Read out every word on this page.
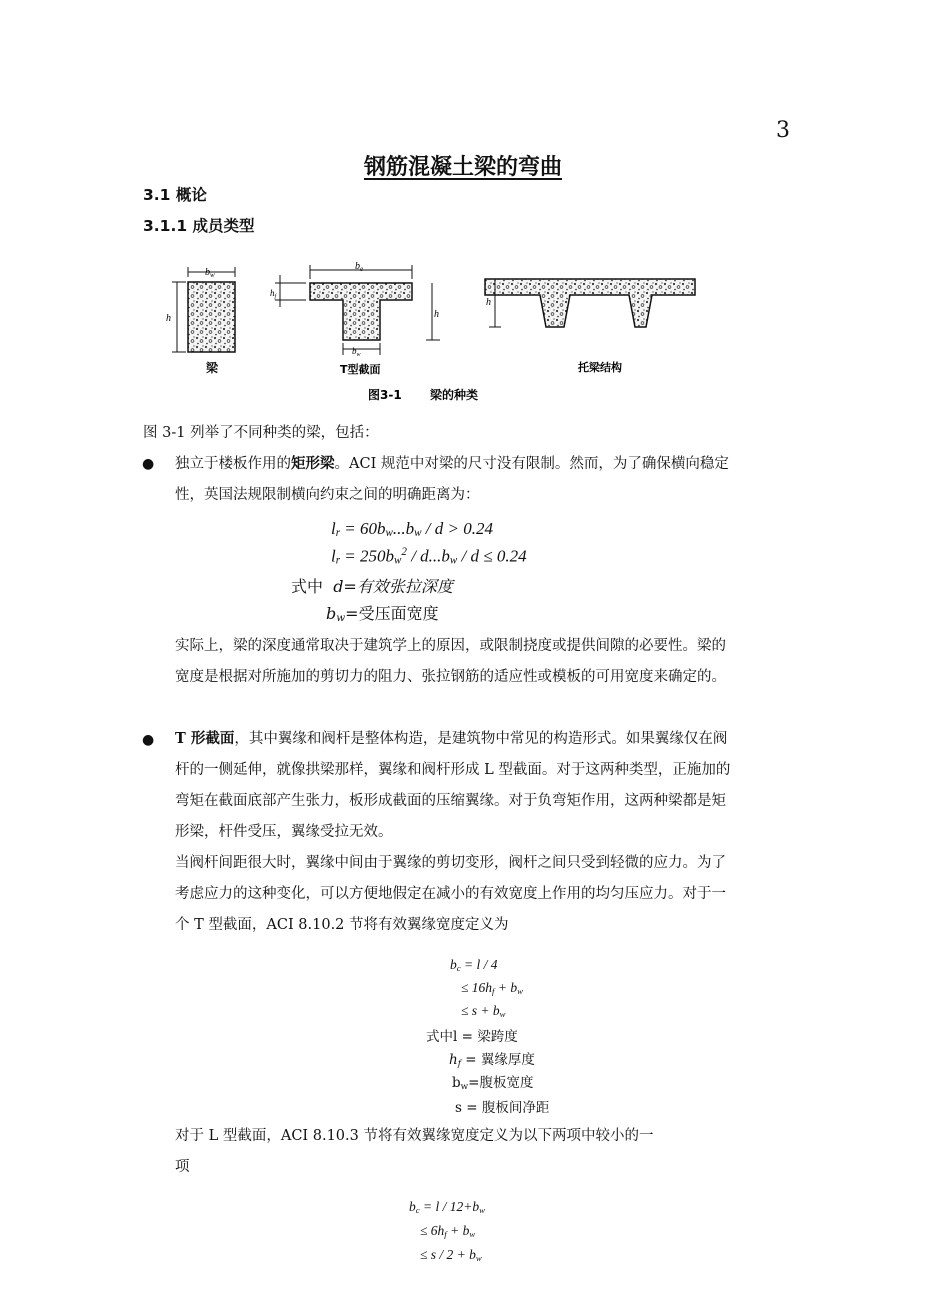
3
钢筋混凝土梁的弯曲
3.1 概论
3.1.1 成员类型
$b_w$
h
梁
$b_e$
$h_f$
h
$b_w$
T型截面
h
托梁结构
图3-1 梁的种类
图 3-1 列举了不同种类的梁，包括：
● 独立于楼板作用的矩形梁。ACI 规范中对梁的尺寸没有限制。然而，为了确保横向稳定
性，英国法规限制横向约束之间的明确距离为：
$l_r = 60b_w...b_w / d > 0.24$
$l_r = 250b_w^2 / d...b_w / d \le 0.24$
式中 d=有效张拉深度
$b_w=$受压面宽度
实际上，梁的深度通常取决于建筑学上的原因，或限制挠度或提供间隙的必要性。梁的
宽度是根据对所施加的剪切力的阻力、张拉钢筋的适应性或模板的可用宽度来确定的。
● T 形截面，其中翼缘和阀杆是整体构造，是建筑物中常见的构造形式。如果翼缘仅在阀
杆的一侧延伸，就像拱梁那样，翼缘和阀杆形成 L 型截面。对于这两种类型，正施加的
弯矩在截面底部产生张力，板形成截面的压缩翼缘。对于负弯矩作用，这两种梁都是矩
形梁，杆件受压，翼缘受拉无效。
当阀杆间距很大时，翼缘中间由于翼缘的剪切变形，阀杆之间只受到轻微的应力。为了
考虑应力的这种变化，可以方便地假定在减小的有效宽度上作用的均匀压应力。对于一
个 T 型截面，ACI 8.10.2 节将有效翼缘宽度定义为
$b_c = l / 4$
≤ $16h_f + b_w$
≤ $s + b_w$
式中l = 梁跨度
$h_f$ = 翼缘厚度
$b_w=$腹板宽度
s = 腹板间净距
对于 L 型截面，ACI 8.10.3 节将有效翼缘宽度定义为以下两项中较小的一
项
$b_c = l / 12+b_w$
≤ $6h_f + b_w$
≤ $s / 2 + b_w$
